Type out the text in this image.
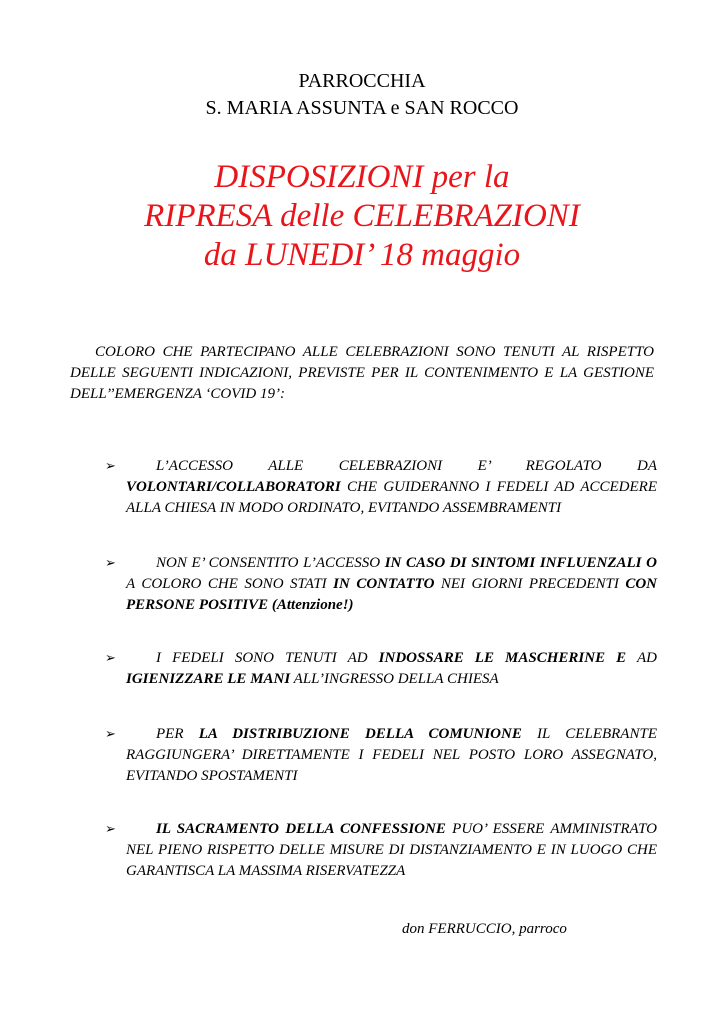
PARROCCHIA
S. MARIA ASSUNTA e SAN ROCCO
DISPOSIZIONI per la
RIPRESA delle CELEBRAZIONI
da LUNEDI’ 18 maggio

COLORO CHE PARTECIPANO ALLE CELEBRAZIONI SONO TENUTI AL RISPETTO DELLE SEGUENTI INDICAZIONI, PREVISTE PER IL CONTENIMENTO E LA GESTIONE DELL’’EMERGENZA ‘COVID 19’:

➢	L’ACCESSO ALLE CELEBRAZIONI E’ REGOLATO DA VOLONTARI/COLLABORATORI CHE GUIDERANNO I FEDELI AD ACCEDERE ALLA CHIESA IN MODO ORDINATO, EVITANDO ASSEMBRAMENTI
➢	NON E’ CONSENTITO L’ACCESSO IN CASO DI SINTOMI INFLUENZALI O A COLORO CHE SONO STATI IN CONTATTO NEI GIORNI PRECEDENTI CON PERSONE POSITIVE (Attenzione!)
➢	I FEDELI SONO TENUTI AD INDOSSARE LE MASCHERINE E AD IGIENIZZARE LE MANI ALL’INGRESSO DELLA CHIESA
➢	PER LA DISTRIBUZIONE DELLA COMUNIONE IL CELEBRANTE RAGGIUNGERA’ DIRETTAMENTE I FEDELI NEL POSTO LORO ASSEGNATO, EVITANDO SPOSTAMENTI
➢	IL SACRAMENTO DELLA CONFESSIONE PUO’ ESSERE AMMINISTRATO NEL PIENO RISPETTO DELLE MISURE DI DISTANZIAMENTO E IN LUOGO CHE GARANTISCA LA MASSIMA RISERVATEZZA
don FERRUCCIO, parroco
